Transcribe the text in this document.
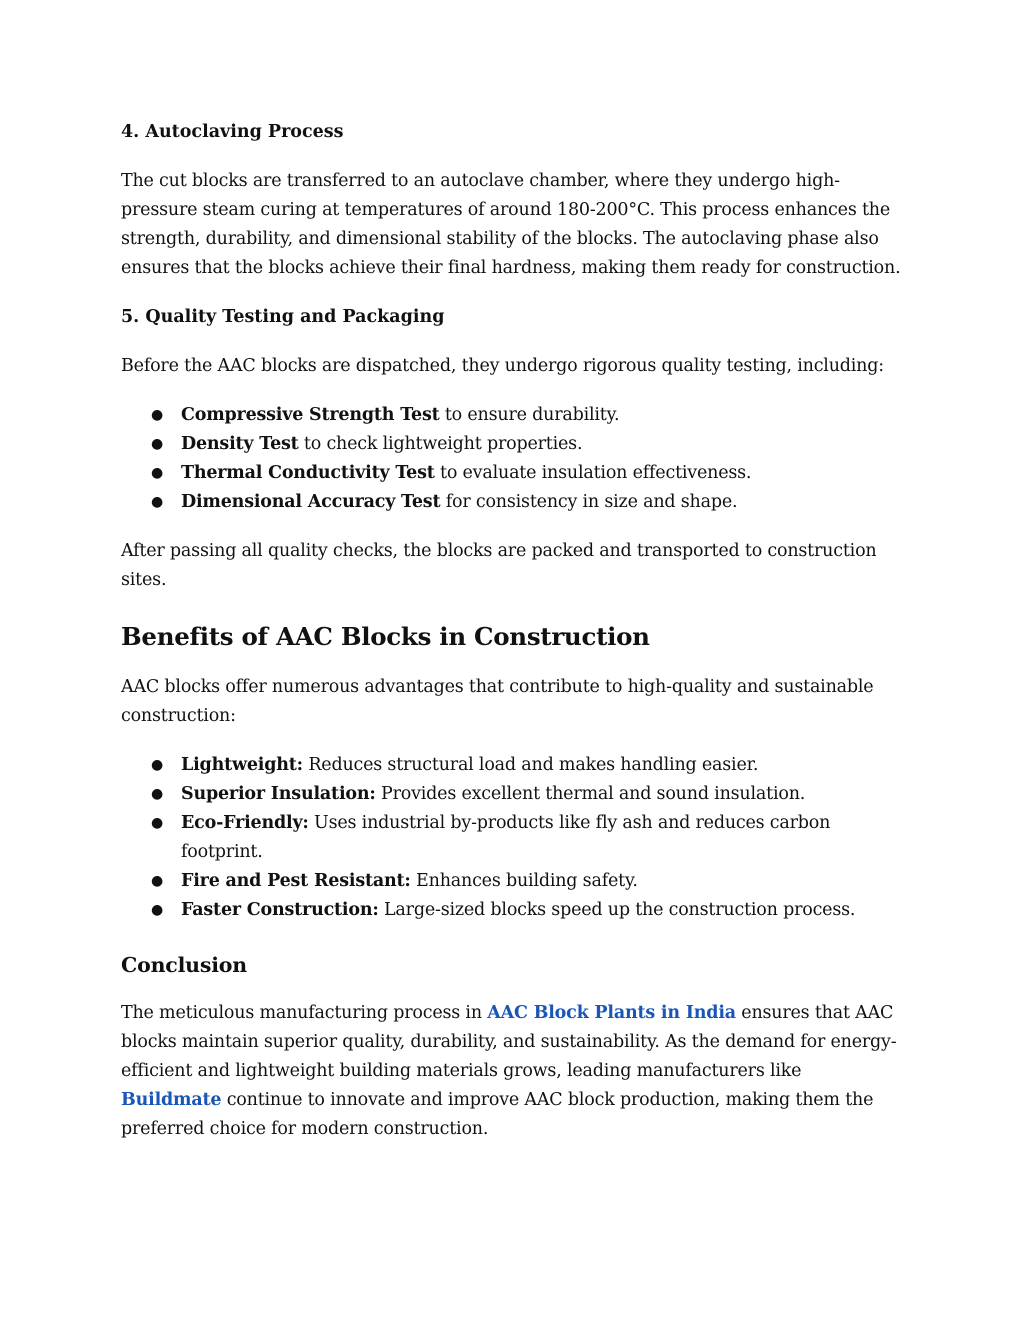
4. Autoclaving Process

The cut blocks are transferred to an autoclave chamber, where they undergo high-pressure steam curing at temperatures of around 180-200°C. This process enhances the strength, durability, and dimensional stability of the blocks. The autoclaving phase also ensures that the blocks achieve their final hardness, making them ready for construction.

5. Quality Testing and Packaging

Before the AAC blocks are dispatched, they undergo rigorous quality testing, including:

● Compressive Strength Test to ensure durability.
● Density Test to check lightweight properties.
● Thermal Conductivity Test to evaluate insulation effectiveness.
● Dimensional Accuracy Test for consistency in size and shape.

After passing all quality checks, the blocks are packed and transported to construction sites.

Benefits of AAC Blocks in Construction

AAC blocks offer numerous advantages that contribute to high-quality and sustainable construction:

● Lightweight: Reduces structural load and makes handling easier.
● Superior Insulation: Provides excellent thermal and sound insulation.
● Eco-Friendly: Uses industrial by-products like fly ash and reduces carbon footprint.
● Fire and Pest Resistant: Enhances building safety.
● Faster Construction: Large-sized blocks speed up the construction process.
Conclusion

The meticulous manufacturing process in AAC Block Plants in India ensures that AAC blocks maintain superior quality, durability, and sustainability. As the demand for energy-efficient and lightweight building materials grows, leading manufacturers like Buildmate continue to innovate and improve AAC block production, making them the preferred choice for modern construction.
